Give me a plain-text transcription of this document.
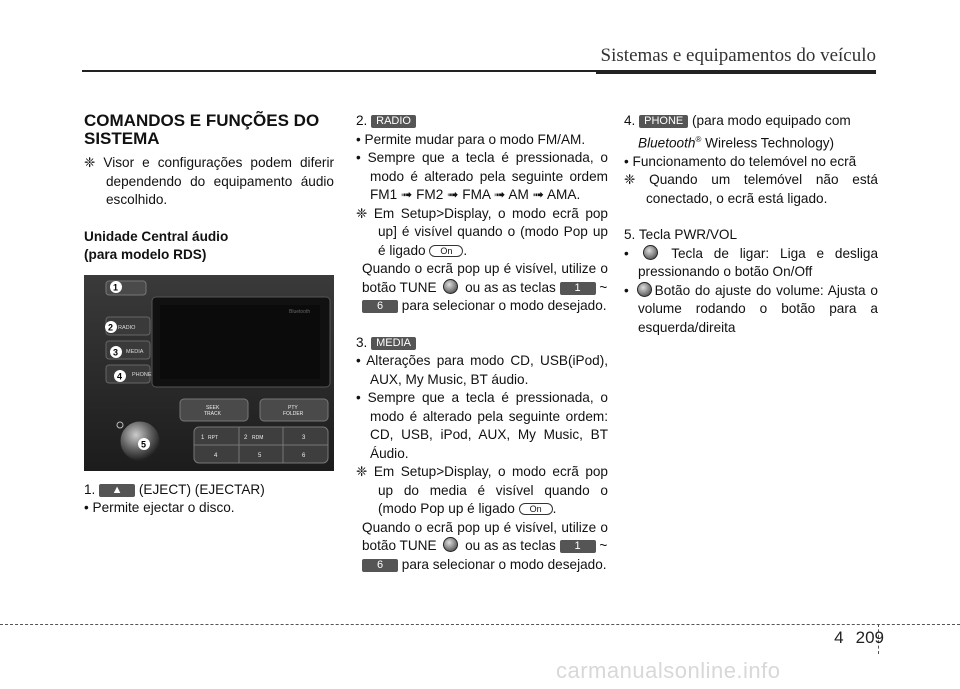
Sistemas e equipamentos do veículo
COMANDOS E FUNÇÕES DO SISTEMA

❈ Visor e configurações podem diferir dependendo do equipamento áudio escolhido.

Unidade Central áudio

(para modelo RDS)

Bluetooth
RADIO
MEDIA
PHONE
SEEK
TRACK
PTY
FOLDER
1 RPT	2 RDM	3
4	5	6
1
2
3
4
5

1. ▲ (EJECT) (EJECTAR)

• Permite ejectar o disco.

2. RADIO

• Permite mudar para o modo FM/AM.

• Sempre que a tecla é pressionada, o modo é alterado pela seguinte ordem FM1 ➟ FM2 ➟ FMA ➟ AM ➟ AMA.

❈ Em Setup>Display, o modo ecrã pop up] é visível quando o (modo Pop up é ligado On .

Quando o ecrã pop up é visível, utilize o botão TUNE ou as as teclas 1 ~
6 para selecionar o modo desejado.

3. MEDIA

• Alterações para modo CD, USB(iPod), AUX, My Music, BT áudio.

• Sempre que a tecla é pressionada, o modo é alterado pela seguinte ordem: CD, USB, iPod, AUX, My Music, BT Áudio.

❈ Em Setup>Display, o modo ecrã pop up do media é visível quando o (modo Pop up é ligado On .

Quando o ecrã pop up é visível, utilize o botão TUNE ou as as teclas 1 ~
6 para selecionar o modo desejado.

4. PHONE (para modo equipado com

Bluetooth® Wireless Technology)

• Funcionamento do telemóvel no ecrã

❈ Quando um telemóvel não está conectado, o ecrã está ligado.

5. Tecla PWR/VOL

•	Tecla de ligar: Liga e desliga pressionando o botão On/Off

• Botão do ajuste do volume: Ajusta o volume rodando o botão para a esquerda/direita

4 209
carmanualsonline.info
